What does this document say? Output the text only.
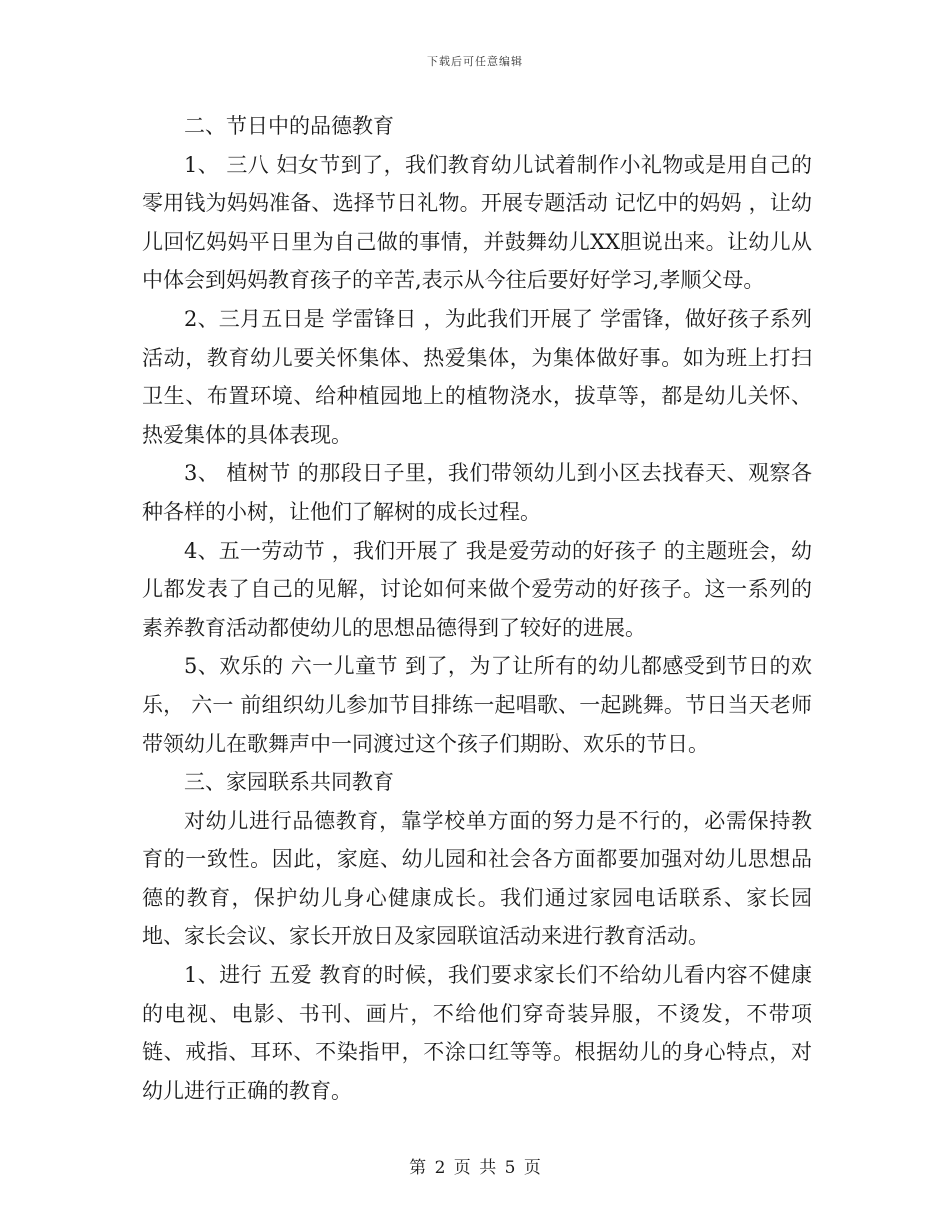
下载后可任意编辑

二、节日中的品德教育

1、 三八 妇女节到了，我们教育幼儿试着制作小礼物或是用自己的零用钱为妈妈准备、选择节日礼物。开展专题活动 记忆中的妈妈 ，让幼儿回忆妈妈平日里为自己做的事情，并鼓舞幼儿XX胆说出来。让幼儿从中体会到妈妈教育孩子的辛苦,表示从今往后要好好学习,孝顺父母。

2、三月五日是 学雷锋日 ，为此我们开展了 学雷锋，做好孩子系列活动，教育幼儿要关怀集体、热爱集体，为集体做好事。如为班上打扫卫生、布置环境、给种植园地上的植物浇水，拔草等，都是幼儿关怀、热爱集体的具体表现。

3、 植树节 的那段日子里，我们带领幼儿到小区去找春天、观察各种各样的小树，让他们了解树的成长过程。

4、五一劳动节 ，我们开展了 我是爱劳动的好孩子 的主题班会，幼儿都发表了自己的见解，讨论如何来做个爱劳动的好孩子。这一系列的素养教育活动都使幼儿的思想品德得到了较好的进展。

5、欢乐的 六一儿童节 到了，为了让所有的幼儿都感受到节日的欢乐， 六一 前组织幼儿参加节目排练一起唱歌、一起跳舞。节日当天老师带领幼儿在歌舞声中一同渡过这个孩子们期盼、欢乐的节日。

三、家园联系共同教育

对幼儿进行品德教育，靠学校单方面的努力是不行的，必需保持教育的一致性。因此，家庭、幼儿园和社会各方面都要加强对幼儿思想品德的教育，保护幼儿身心健康成长。我们通过家园电话联系、家长园地、家长会议、家长开放日及家园联谊活动来进行教育活动。

1、进行 五爱 教育的时候，我们要求家长们不给幼儿看内容不健康的电视、电影、书刊、画片，不给他们穿奇装异服，不烫发，不带项链、戒指、耳环、不染指甲，不涂口红等等。根据幼儿的身心特点，对幼儿进行正确的教育。

第 2 页 共 5 页
